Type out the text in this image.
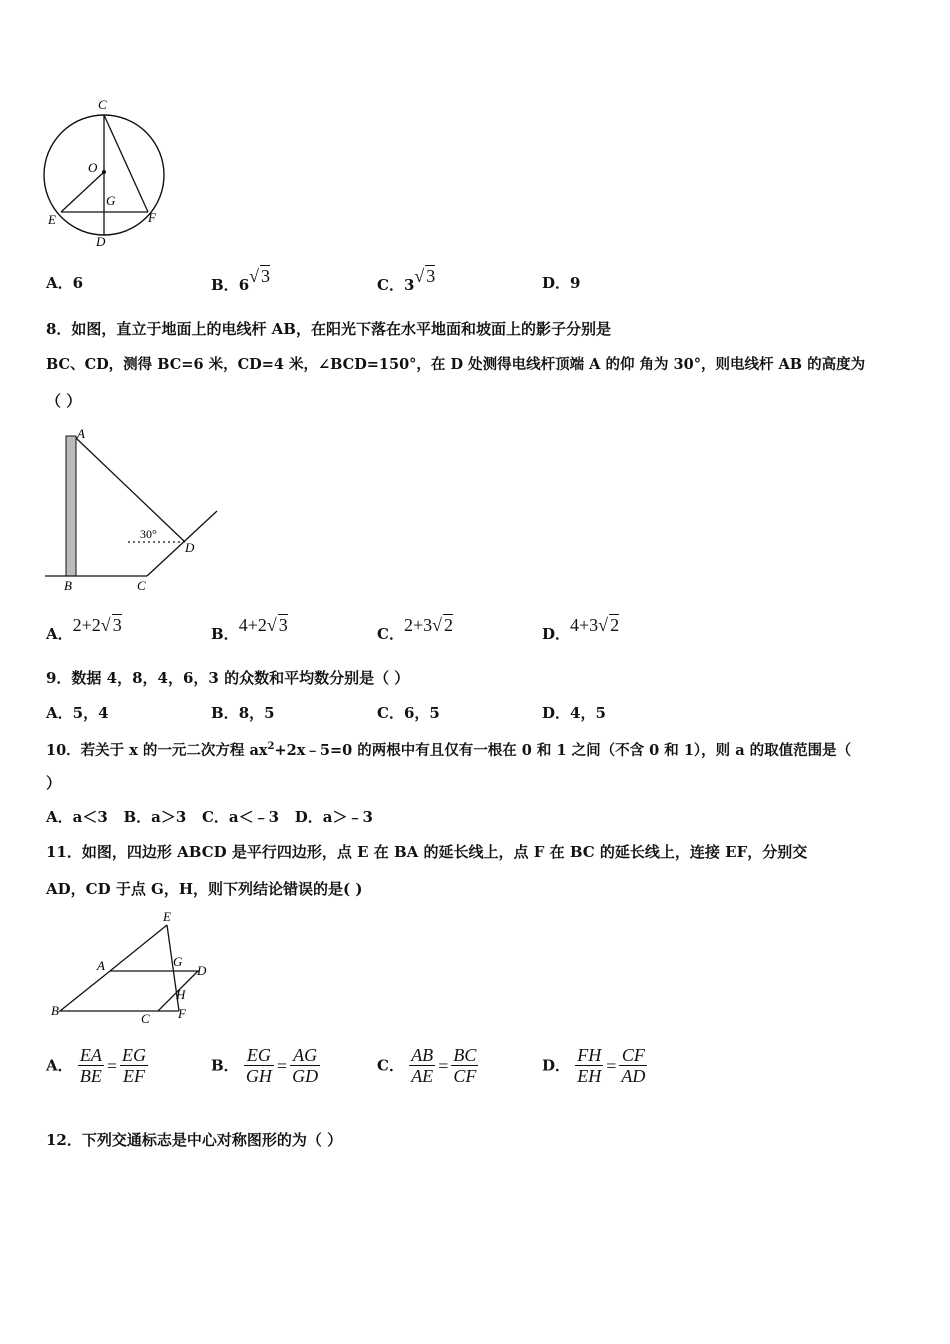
C
O
G
E	F
D
A．6	B．6√ 3	C．3√ 3	D．9
8．如图，直立于地面上的电线杆 AB，在阳光下落在水平地面和坡面上的影子分别是
BC、CD，测得 BC=6 米，CD=4 米，∠BCD=150°，在 D 处测得电线杆顶端 A 的仰 角为 30°，则电线杆 AB 的高度为
（ ）
A
B	C
D
30°
A．2+2√ 3	B．4+2√ 3	C．2+3√ 2	D．4+3√ 2
9．数据 4，8，4，6，3 的众数和平均数分别是（ ）
A．5，4	B．8，5	C．6，5	D．4，5
10．若关于 x 的一元二次方程 $ax^2+2x﹣5=0$ 的两根中有且仅有一根在 0 和 1 之间（不含 0 和 1），则 a 的取值范围是（
）
A．a＜3   B．a＞3   C．a＜﹣3   D．a＞﹣3
11．如图，四边形 ABCD 是平行四边形，点 E 在 BA 的延长线上，点 F 在 BC 的延长线上，连接 EF，分别交
AD，CD 于点 G，H，则下列结论错误的是( )
E
A	G
D
H
B
C F
A． $\frac{EA}{BE} = \frac{EG}{EF}$	B． $\frac{EG}{GH} = \frac{AG}{GD}$	C． $\frac{AB}{AE} = \frac{BC}{CF}$	D． $\frac{FH}{EH} = \frac{CF}{AD}$
12．下列交通标志是中心对称图形的为（ ）
